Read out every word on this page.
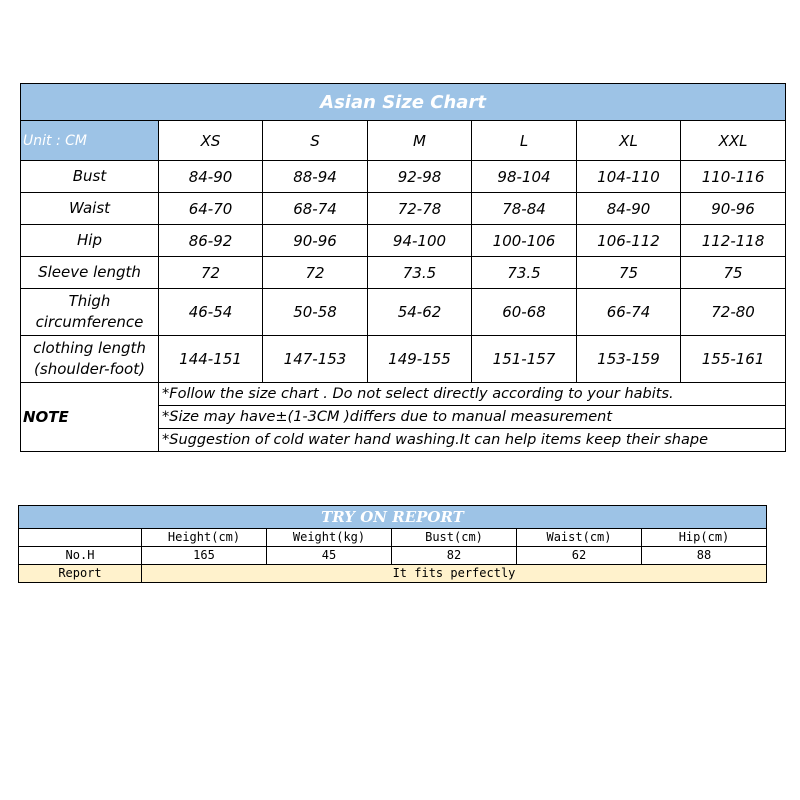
Asian Size Chart						
Unit : CM	XS	S	M	L	XL	XXL
Bust	84-90	88-94	92-98	98-104	104-110	110-116
Waist	64-70	68-74	72-78	78-84	84-90	90-96
Hip	86-92	90-96	94-100	100-106	106-112	112-118
Sleeve length	72	72	73.5	73.5	75	75
Thigh
circumference	46-54	50-58	54-62	60-68	66-74	72-80
clothing length
(shoulder-foot)	144-151	147-153	149-155	151-157	153-159	155-161
NOTE	*Follow the size chart . Do not select directly according to your habits.					
	*Size may have±(1-3CM )differs due to manual measurement					
	*Suggestion of cold water hand washing.It can help items keep their shape					
TRY ON REPORT					
	Height(cm)	Weight(kg)	Bust(cm)	Waist(cm)	Hip(cm)
No.H	165	45	82	62	88
Report	It fits perfectly				
